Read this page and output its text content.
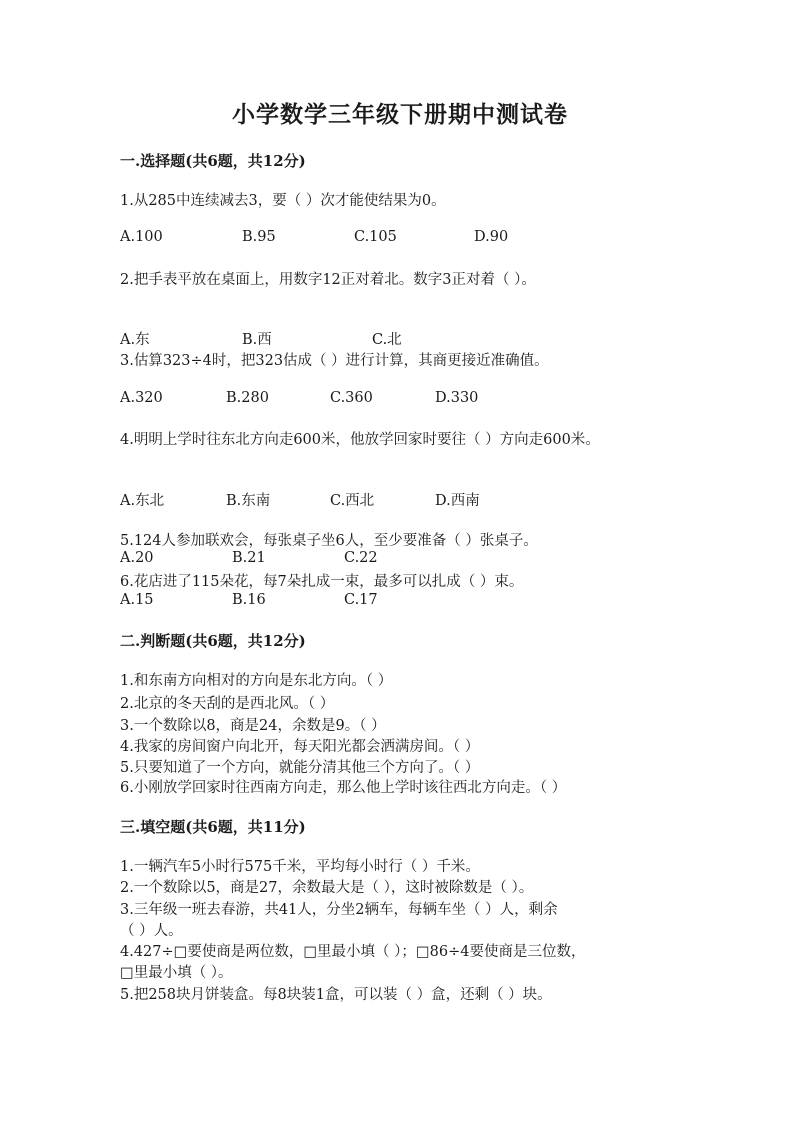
小学数学三年级下册期中测试卷
一.选择题(共6题，共12分)
1.从285中连续减去3，要（ ）次才能使结果为0。
A.100	B.95	C.105	D.90
2.把手表平放在桌面上，用数字12正对着北。数字3正对着（ ）。
A.东	B.西	C.北
3.估算323÷4时，把323估成（ ）进行计算，其商更接近准确值。
A.320	B.280	C.360	D.330
4.明明上学时往东北方向走600米，他放学回家时要往（ ）方向走600米。
A.东北	B.东南	C.西北	D.西南
5.124人参加联欢会，每张桌子坐6人，至少要准备（ ）张桌子。
A.20	B.21	C.22
6.花店进了115朵花，每7朵扎成一束，最多可以扎成（ ）束。
A.15	B.16	C.17
二.判断题(共6题，共12分)
1.和东南方向相对的方向是东北方向。（ ）
2.北京的冬天刮的是西北风。（ ）
3.一个数除以8，商是24，余数是9。（ ）
4.我家的房间窗户向北开，每天阳光都会洒满房间。（ ）
5.只要知道了一个方向，就能分清其他三个方向了。（ ）
6.小刚放学回家时往西南方向走，那么他上学时该往西北方向走。（ ）
三.填空题(共6题，共11分)
1.一辆汽车5小时行575千米，平均每小时行（ ）千米。
2.一个数除以5，商是27，余数最大是（ ），这时被除数是（ ）。
3.三年级一班去春游，共41人，分坐2辆车，每辆车坐（ ）人，剩余
（ ）人。
4.427÷□要使商是两位数，□里最小填（ ）；□86÷4要使商是三位数，
□里最小填（ ）。
5.把258块月饼装盒。每8块装1盒，可以装（ ）盒，还剩（ ）块。
